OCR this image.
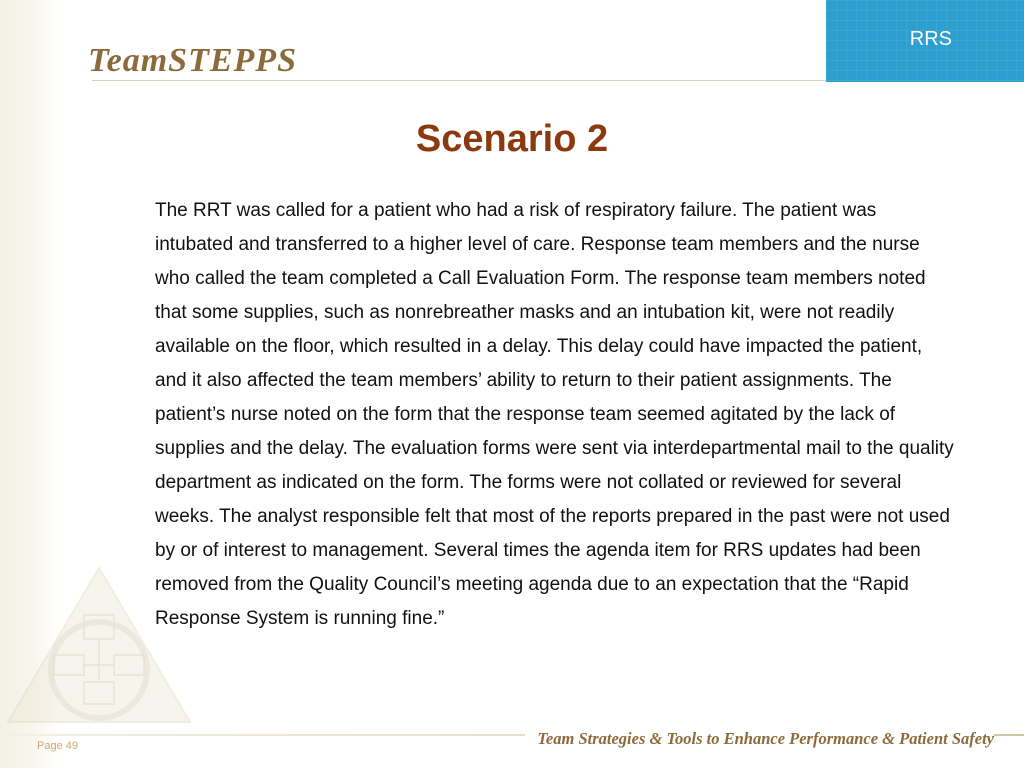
TeamSTEPPS
RRS
Scenario 2
The RRT was called for a patient who had a risk of respiratory failure. The patient was intubated and transferred to a higher level of care. Response team members and the nurse who called the team completed a Call Evaluation Form. The response team members noted that some supplies, such as nonrebreather masks and an intubation kit, were not readily available on the floor, which resulted in a delay. This delay could have impacted the patient, and it also affected the team members’ ability to return to their patient assignments. The patient’s nurse noted on the form that the response team seemed agitated by the lack of supplies and the delay. The evaluation forms were sent via interdepartmental mail to the quality department as indicated on the form. The forms were not collated or reviewed for several weeks. The analyst responsible felt that most of the reports prepared in the past were not used by or of interest to management. Several times the agenda item for RRS updates had been removed from the Quality Council’s meeting agenda due to an expectation that the “Rapid Response System is running fine.”
Page 49	Team Strategies & Tools to Enhance Performance & Patient Safety
